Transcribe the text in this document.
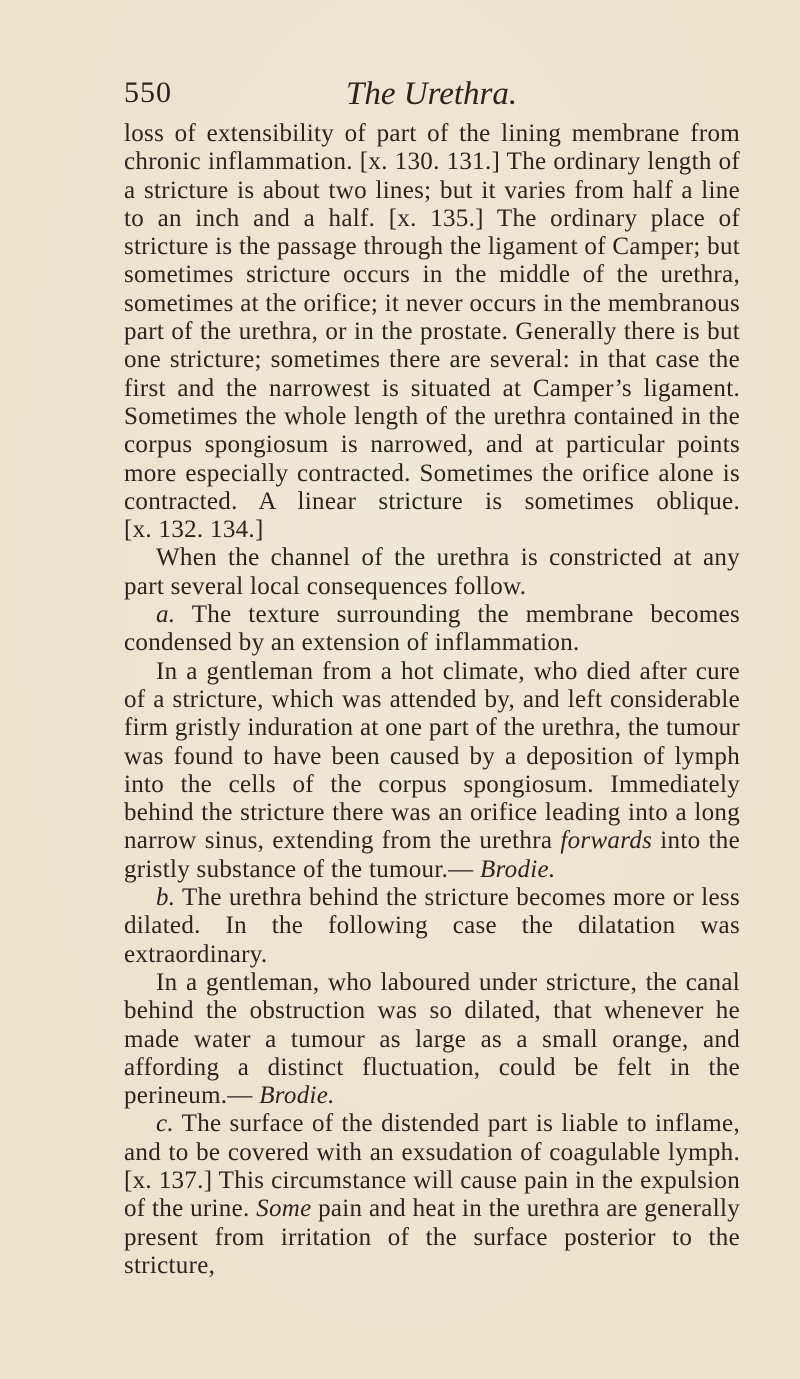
550	The Urethra.

loss of extensibility of part of the lining membrane from chronic inflammation. [x. 130. 131.] The ordinary length of a stricture is about two lines; but it varies from half a line to an inch and a half. [x. 135.] The ordinary place of stricture is the passage through the ligament of Camper; but sometimes stricture occurs in the middle of the urethra, sometimes at the orifice; it never occurs in the membranous part of the urethra, or in the prostate. Generally there is but one stricture; sometimes there are several: in that case the first and the narrowest is situated at Camper’s ligament. Sometimes the whole length of the urethra contained in the corpus spongiosum is narrowed, and at particular points more especially contracted. Sometimes the orifice alone is contracted. A linear stricture is sometimes oblique. [x. 132. 134.]

When the channel of the urethra is constricted at any part several local consequences follow.

a. The texture surrounding the membrane becomes condensed by an extension of inflammation.

In a gentleman from a hot climate, who died after cure of a stricture, which was attended by, and left considerable firm gristly induration at one part of the urethra, the tumour was found to have been caused by a deposition of lymph into the cells of the corpus spongiosum. Immediately behind the stricture there was an orifice leading into a long narrow sinus, extending from the urethra forwards into the gristly substance of the tumour.— Brodie.

b. The urethra behind the stricture becomes more or less dilated. In the following case the dilatation was extraordinary.

In a gentleman, who laboured under stricture, the canal behind the obstruction was so dilated, that whenever he made water a tumour as large as a small orange, and affording a distinct fluctuation, could be felt in the perineum.— Brodie.

c. The surface of the distended part is liable to inflame, and to be covered with an exsudation of coagulable lymph. [x. 137.] This circumstance will cause pain in the expulsion of the urine. Some pain and heat in the urethra are generally present from irritation of the surface posterior to the stricture,
